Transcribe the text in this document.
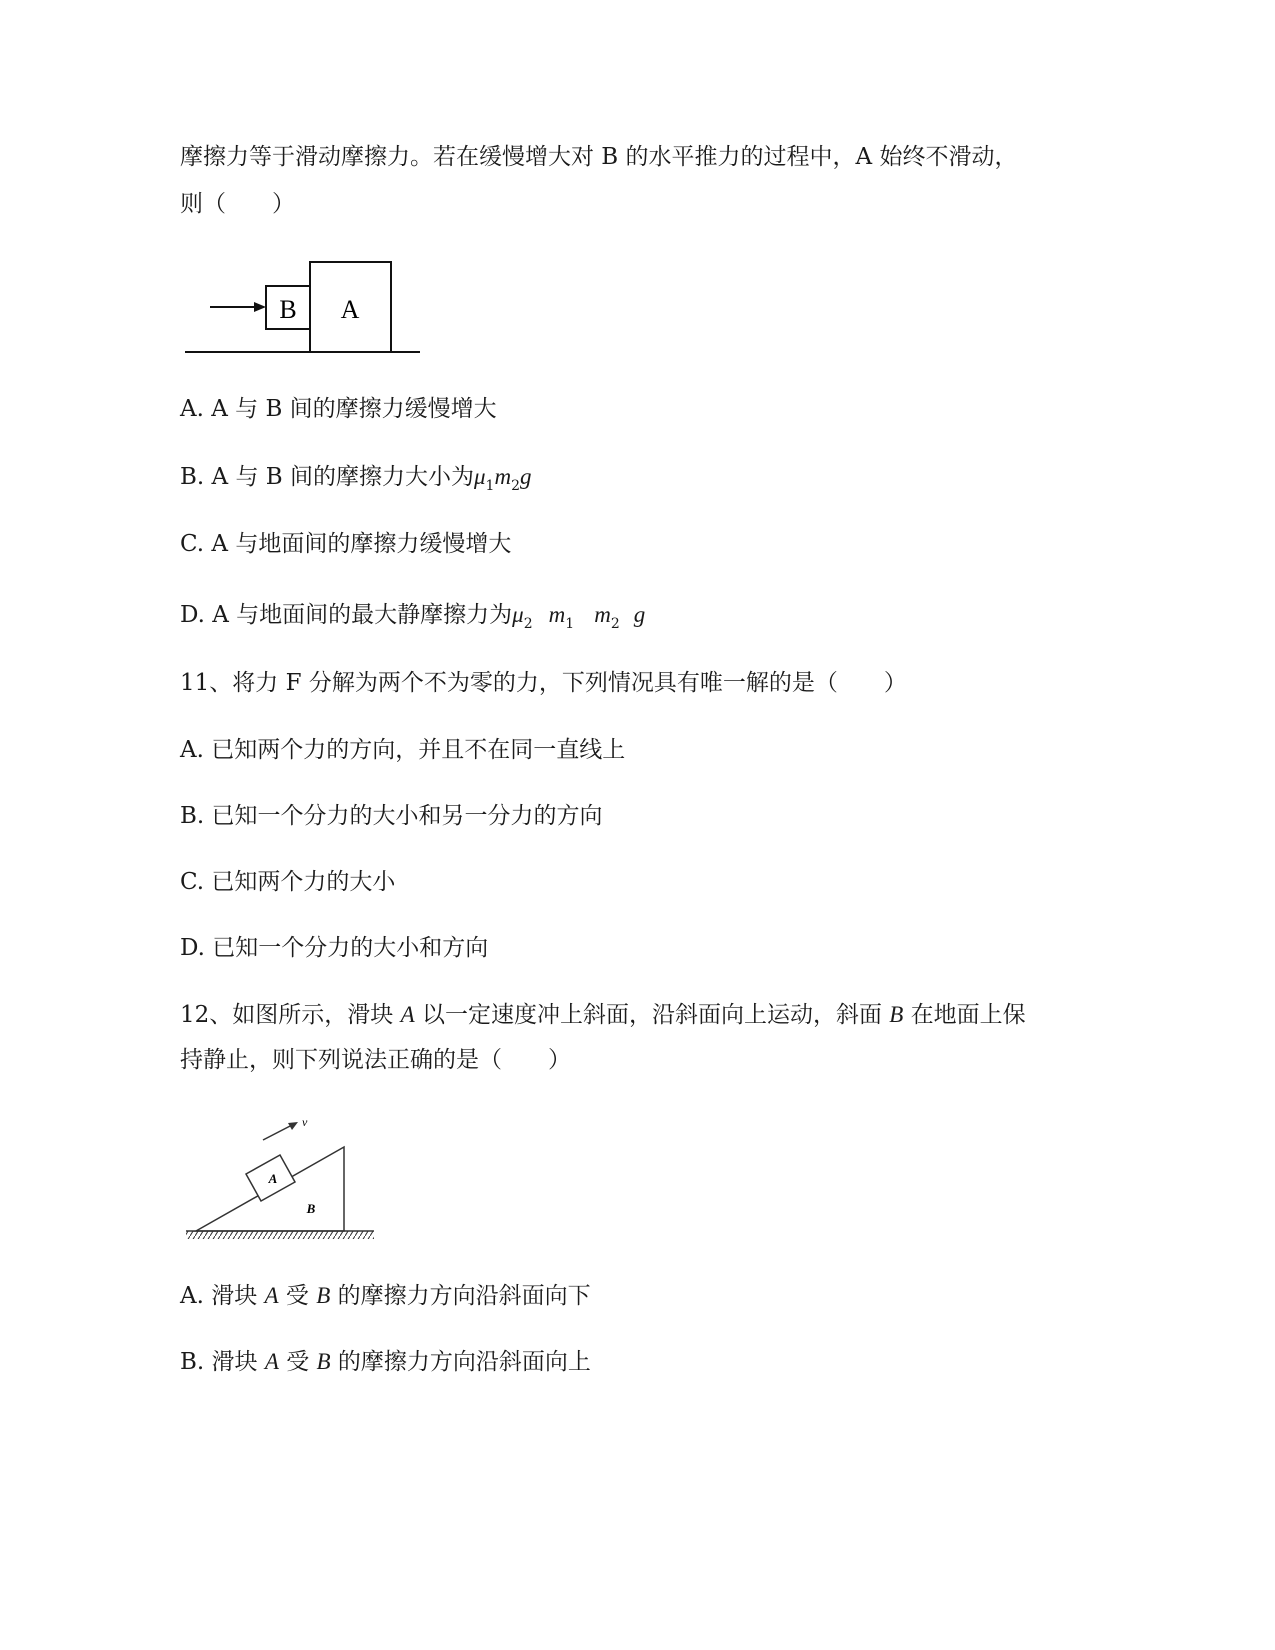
摩擦力等于滑动摩擦力。若在缓慢增大对 B 的水平推力的过程中，A 始终不滑动，
则（　　）
B A
A. A 与 B 间的摩擦力缓慢增大
B. A 与 B 间的摩擦力大小为$\mu_1m_2g$
C. A 与地面间的摩擦力缓慢增大
D. A 与地面间的最大静摩擦力为$\mu_2$ $m_1$ $m_2$ g
11、将力 F 分解为两个不为零的力，下列情况具有唯一解的是（　　）
A. 已知两个力的方向，并且不在同一直线上
B. 已知一个分力的大小和另一分力的方向
C. 已知两个力的大小
D. 已知一个分力的大小和方向
12、如图所示，滑块 A 以一定速度冲上斜面，沿斜面向上运动，斜面 B 在地面上保
持静止，则下列说法正确的是（　　）
v
A
B
A. 滑块 A 受 B 的摩擦力方向沿斜面向下
B. 滑块 A 受 B 的摩擦力方向沿斜面向上
